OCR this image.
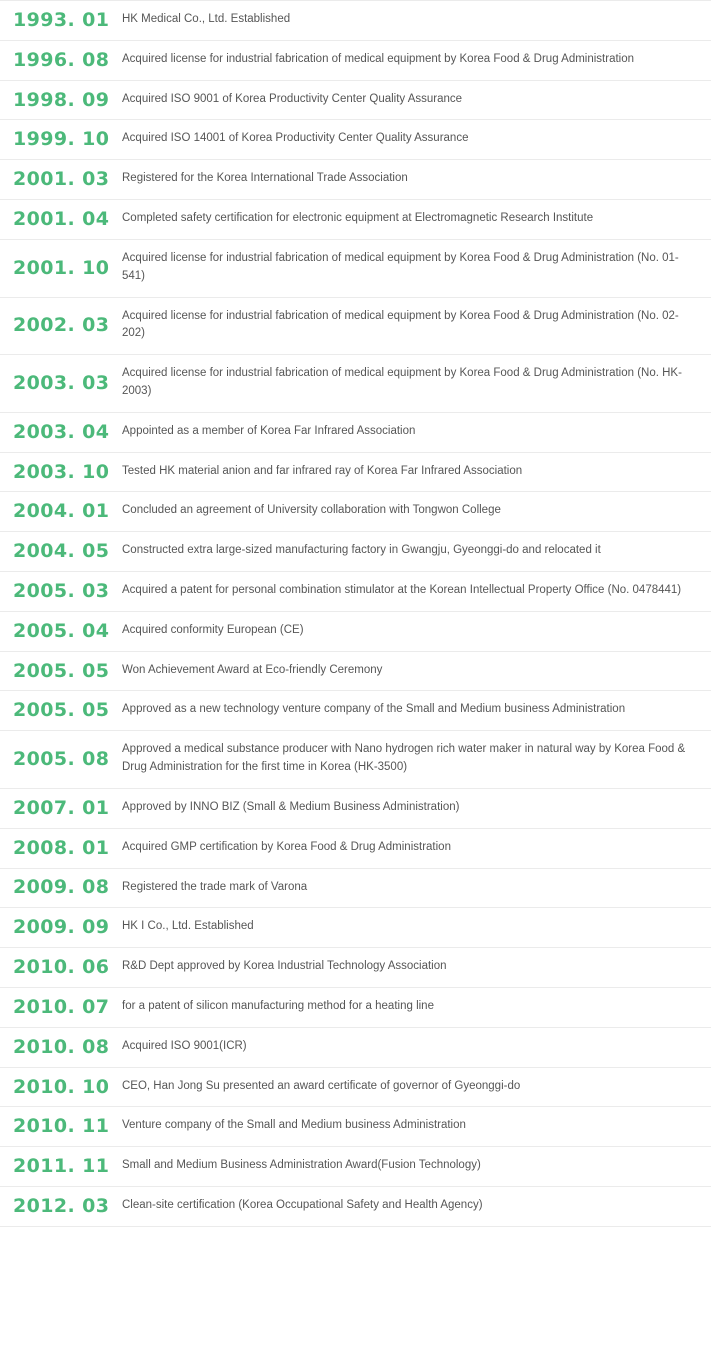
1993. 01	HK Medical Co., Ltd. Established

1996. 08	Acquired license for industrial fabrication of medical equipment by Korea Food & Drug Administration

1998. 09	Acquired ISO 9001 of Korea Productivity Center Quality Assurance

1999. 10	Acquired ISO 14001 of Korea Productivity Center Quality Assurance

2001. 03	Registered for the Korea International Trade Association

2001. 04	Completed safety certification for electronic equipment at Electromagnetic Research Institute

2001. 10	Acquired license for industrial fabrication of medical equipment by Korea Food & Drug Administration (No. 01-541)

2002. 03	Acquired license for industrial fabrication of medical equipment by Korea Food & Drug Administration (No. 02-202)

2003. 03	Acquired license for industrial fabrication of medical equipment by Korea Food & Drug Administration (No. HK-2003)

2003. 04	Appointed as a member of Korea Far Infrared Association

2003. 10	Tested HK material anion and far infrared ray of Korea Far Infrared Association

2004. 01	Concluded an agreement of University collaboration with Tongwon College

2004. 05	Constructed extra large-sized manufacturing factory in Gwangju, Gyeonggi-do and relocated it

2005. 03	Acquired a patent for personal combination stimulator at the Korean Intellectual Property Office (No. 0478441)

2005. 04	Acquired conformity European (CE)

2005. 05	Won Achievement Award at Eco-friendly Ceremony

2005. 05	Approved as a new technology venture company of the Small and Medium business Administration

2005. 08	Approved a medical substance producer with Nano hydrogen rich water maker in natural way by Korea Food & Drug Administration for the first time in Korea (HK-3500)

2007. 01	Approved by INNO BIZ (Small & Medium Business Administration)

2008. 01	Acquired GMP certification by Korea Food & Drug Administration

2009. 08	Registered the trade mark of Varona

2009. 09	HK I Co., Ltd. Established

2010. 06	R&D Dept approved by Korea Industrial Technology Association

2010. 07	for a patent of silicon manufacturing method for a heating line

2010. 08	Acquired ISO 9001(ICR)

2010. 10	CEO, Han Jong Su presented an award certificate of governor of Gyeonggi-do

2010. 11	Venture company of the Small and Medium business Administration

2011. 11	Small and Medium Business Administration Award(Fusion Technology)

2012. 03	Clean-site certification (Korea Occupational Safety and Health Agency)
